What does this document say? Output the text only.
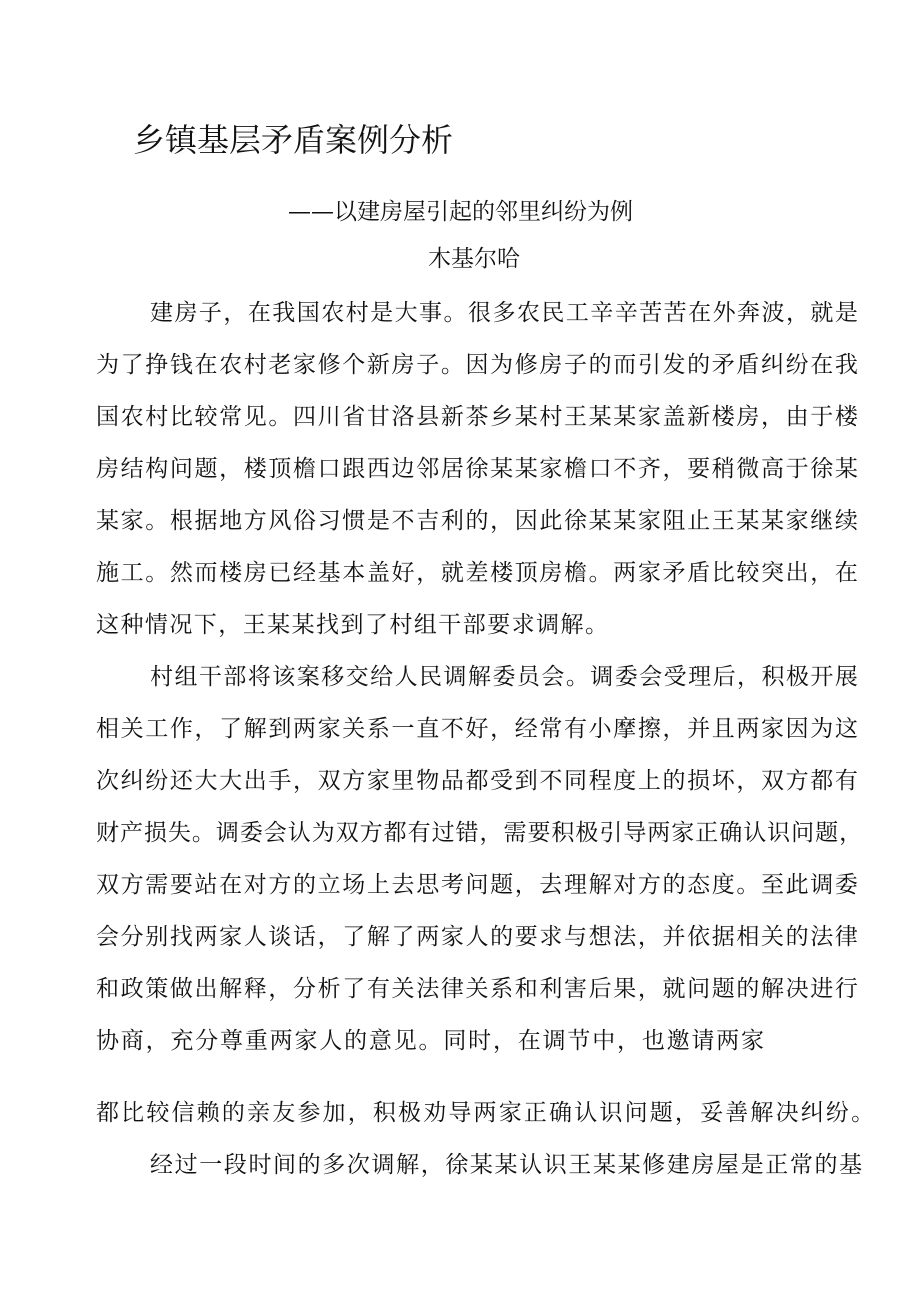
乡镇基层矛盾案例分析
——以建房屋引起的邻里纠纷为例
木基尔哈
建房子，在我国农村是大事。很多农民工辛辛苦苦在外奔波，就是
为了挣钱在农村老家修个新房子。因为修房子的而引发的矛盾纠纷在我
国农村比较常见。四川省甘洛县新茶乡某村王某某家盖新楼房，由于楼
房结构问题，楼顶檐口跟西边邻居徐某某家檐口不齐，要稍微高于徐某
某家。根据地方风俗习惯是不吉利的，因此徐某某家阻止王某某家继续
施工。然而楼房已经基本盖好，就差楼顶房檐。两家矛盾比较突出，在
这种情况下，王某某找到了村组干部要求调解。
村组干部将该案移交给人民调解委员会。调委会受理后，积极开展
相关工作，了解到两家关系一直不好，经常有小摩擦，并且两家因为这
次纠纷还大大出手，双方家里物品都受到不同程度上的损坏，双方都有
财产损失。调委会认为双方都有过错，需要积极引导两家正确认识问题，
双方需要站在对方的立场上去思考问题，去理解对方的态度。至此调委
会分别找两家人谈话，了解了两家人的要求与想法，并依据相关的法律
和政策做出解释，分析了有关法律关系和利害后果，就问题的解决进行
协商，充分尊重两家人的意见。同时，在调节中，也邀请两家
都比较信赖的亲友参加，积极劝导两家正确认识问题，妥善解决纠纷。
经过一段时间的多次调解，徐某某认识王某某修建房屋是正常的基
